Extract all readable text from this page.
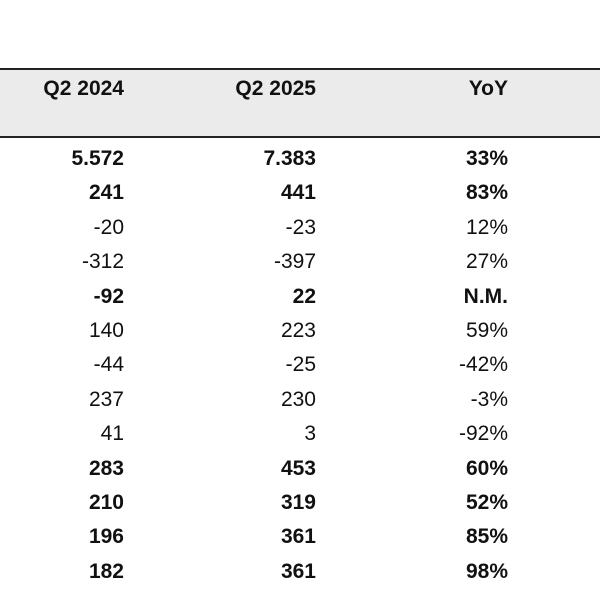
Q2 2024	Q2 2025	YoY
5.572	7.383	33%
241	441	83%
-20	-23	12%
-312	-397	27%
-92	22	N.M.
140	223	59%
-44	-25	-42%
237	230	-3%
41	3	-92%
283	453	60%
210	319	52%
196	361	85%
182	361	98%
